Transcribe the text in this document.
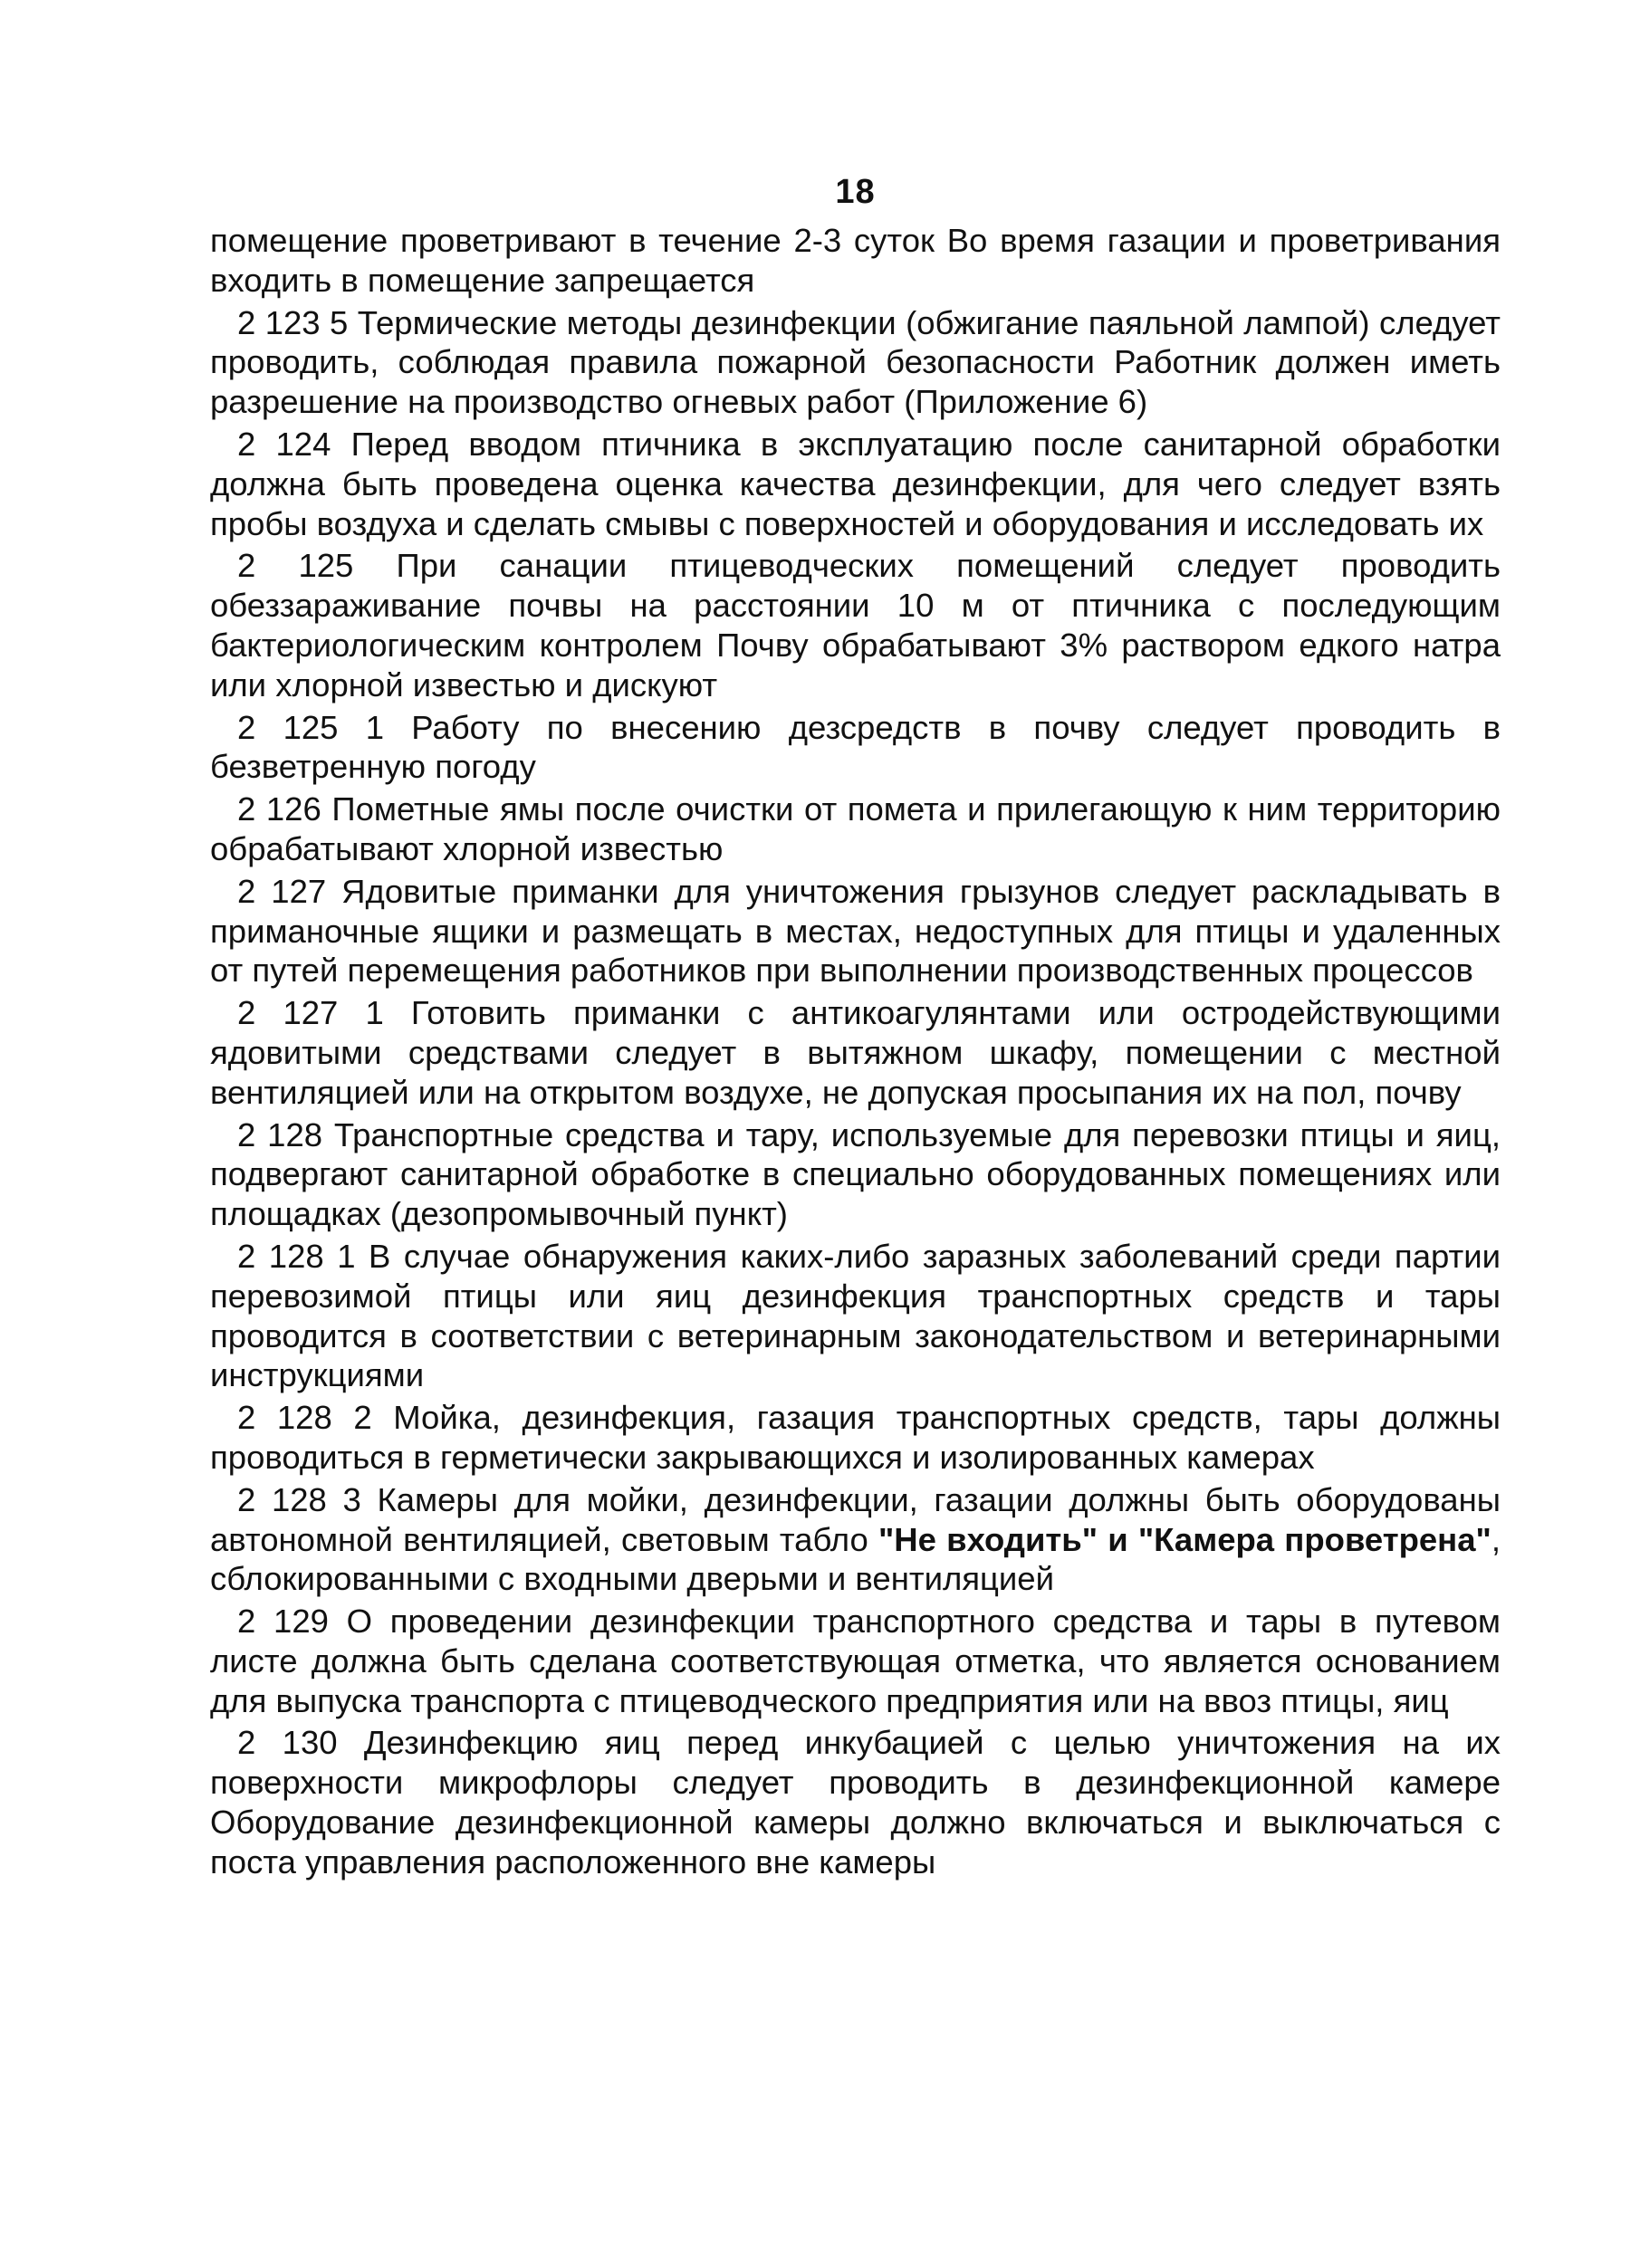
18

помещение проветривают в течение 2-3 суток Во время газации и проветривания входить в помещение запрещается

2 123 5 Термические методы дезинфекции (обжигание паяльной лампой) следует проводить, соблюдая правила пожарной безопасности Работник должен иметь разрешение на производство огневых работ (Приложение 6)

2 124 Перед вводом птичника в эксплуатацию после санитарной обработки должна быть проведена оценка качества дезинфекции, для чего следует взять пробы воздуха и сделать смывы с поверхностей и оборудования и исследовать их

2 125 При санации птицеводческих помещений следует проводить обеззараживание почвы на расстоянии 10 м от птичника с последующим бактериологическим контролем Почву обрабатывают 3% раствором едкого натра или хлорной известью и дискуют

2 125 1 Работу по внесению дезсредств в почву следует проводить в безветренную погоду

2 126 Пометные ямы после очистки от помета и прилегающую к ним территорию обрабатывают хлорной известью

2 127 Ядовитые приманки для уничтожения грызунов следует раскладывать в приманочные ящики и размещать в местах, недоступных для птицы и удаленных от путей перемещения работников при выполнении производственных процессов

2 127 1 Готовить приманки с антикоагулянтами или остродействующими ядовитыми средствами следует в вытяжном шкафу, помещении с местной вентиляцией или на открытом воздухе, не допуская просыпания их на пол, почву

2 128 Транспортные средства и тару, используемые для перевозки птицы и яиц, подвергают санитарной обработке в специально оборудованных помещениях или площадках (дезопромывочный пункт)

2 128 1 В случае обнаружения каких-либо заразных заболеваний среди партии перевозимой птицы или яиц дезинфекция транспортных средств и тары проводится в соответствии с ветеринарным законодательством и ветеринарными инструкциями

2 128 2 Мойка, дезинфекция, газация транспортных средств, тары должны проводиться в герметически закрывающихся и изолированных камерах

2 128 3 Камеры для мойки, дезинфекции, газации должны быть оборудованы автономной вентиляцией, световым табло "Не входить" и "Камера проветрена", сблокированными с входными дверьми и вентиляцией

2 129 О проведении дезинфекции транспортного средства и тары в путевом листе должна быть сделана соответствующая отметка, что является основанием для выпуска транспорта с птицеводческого предприятия или на ввоз птицы, яиц

2 130 Дезинфекцию яиц перед инкубацией с целью уничтожения на их поверхности микрофлоры следует проводить в дезинфекционной камере Оборудование дезинфекционной камеры должно включаться и выключаться с поста управления расположенного вне камеры
